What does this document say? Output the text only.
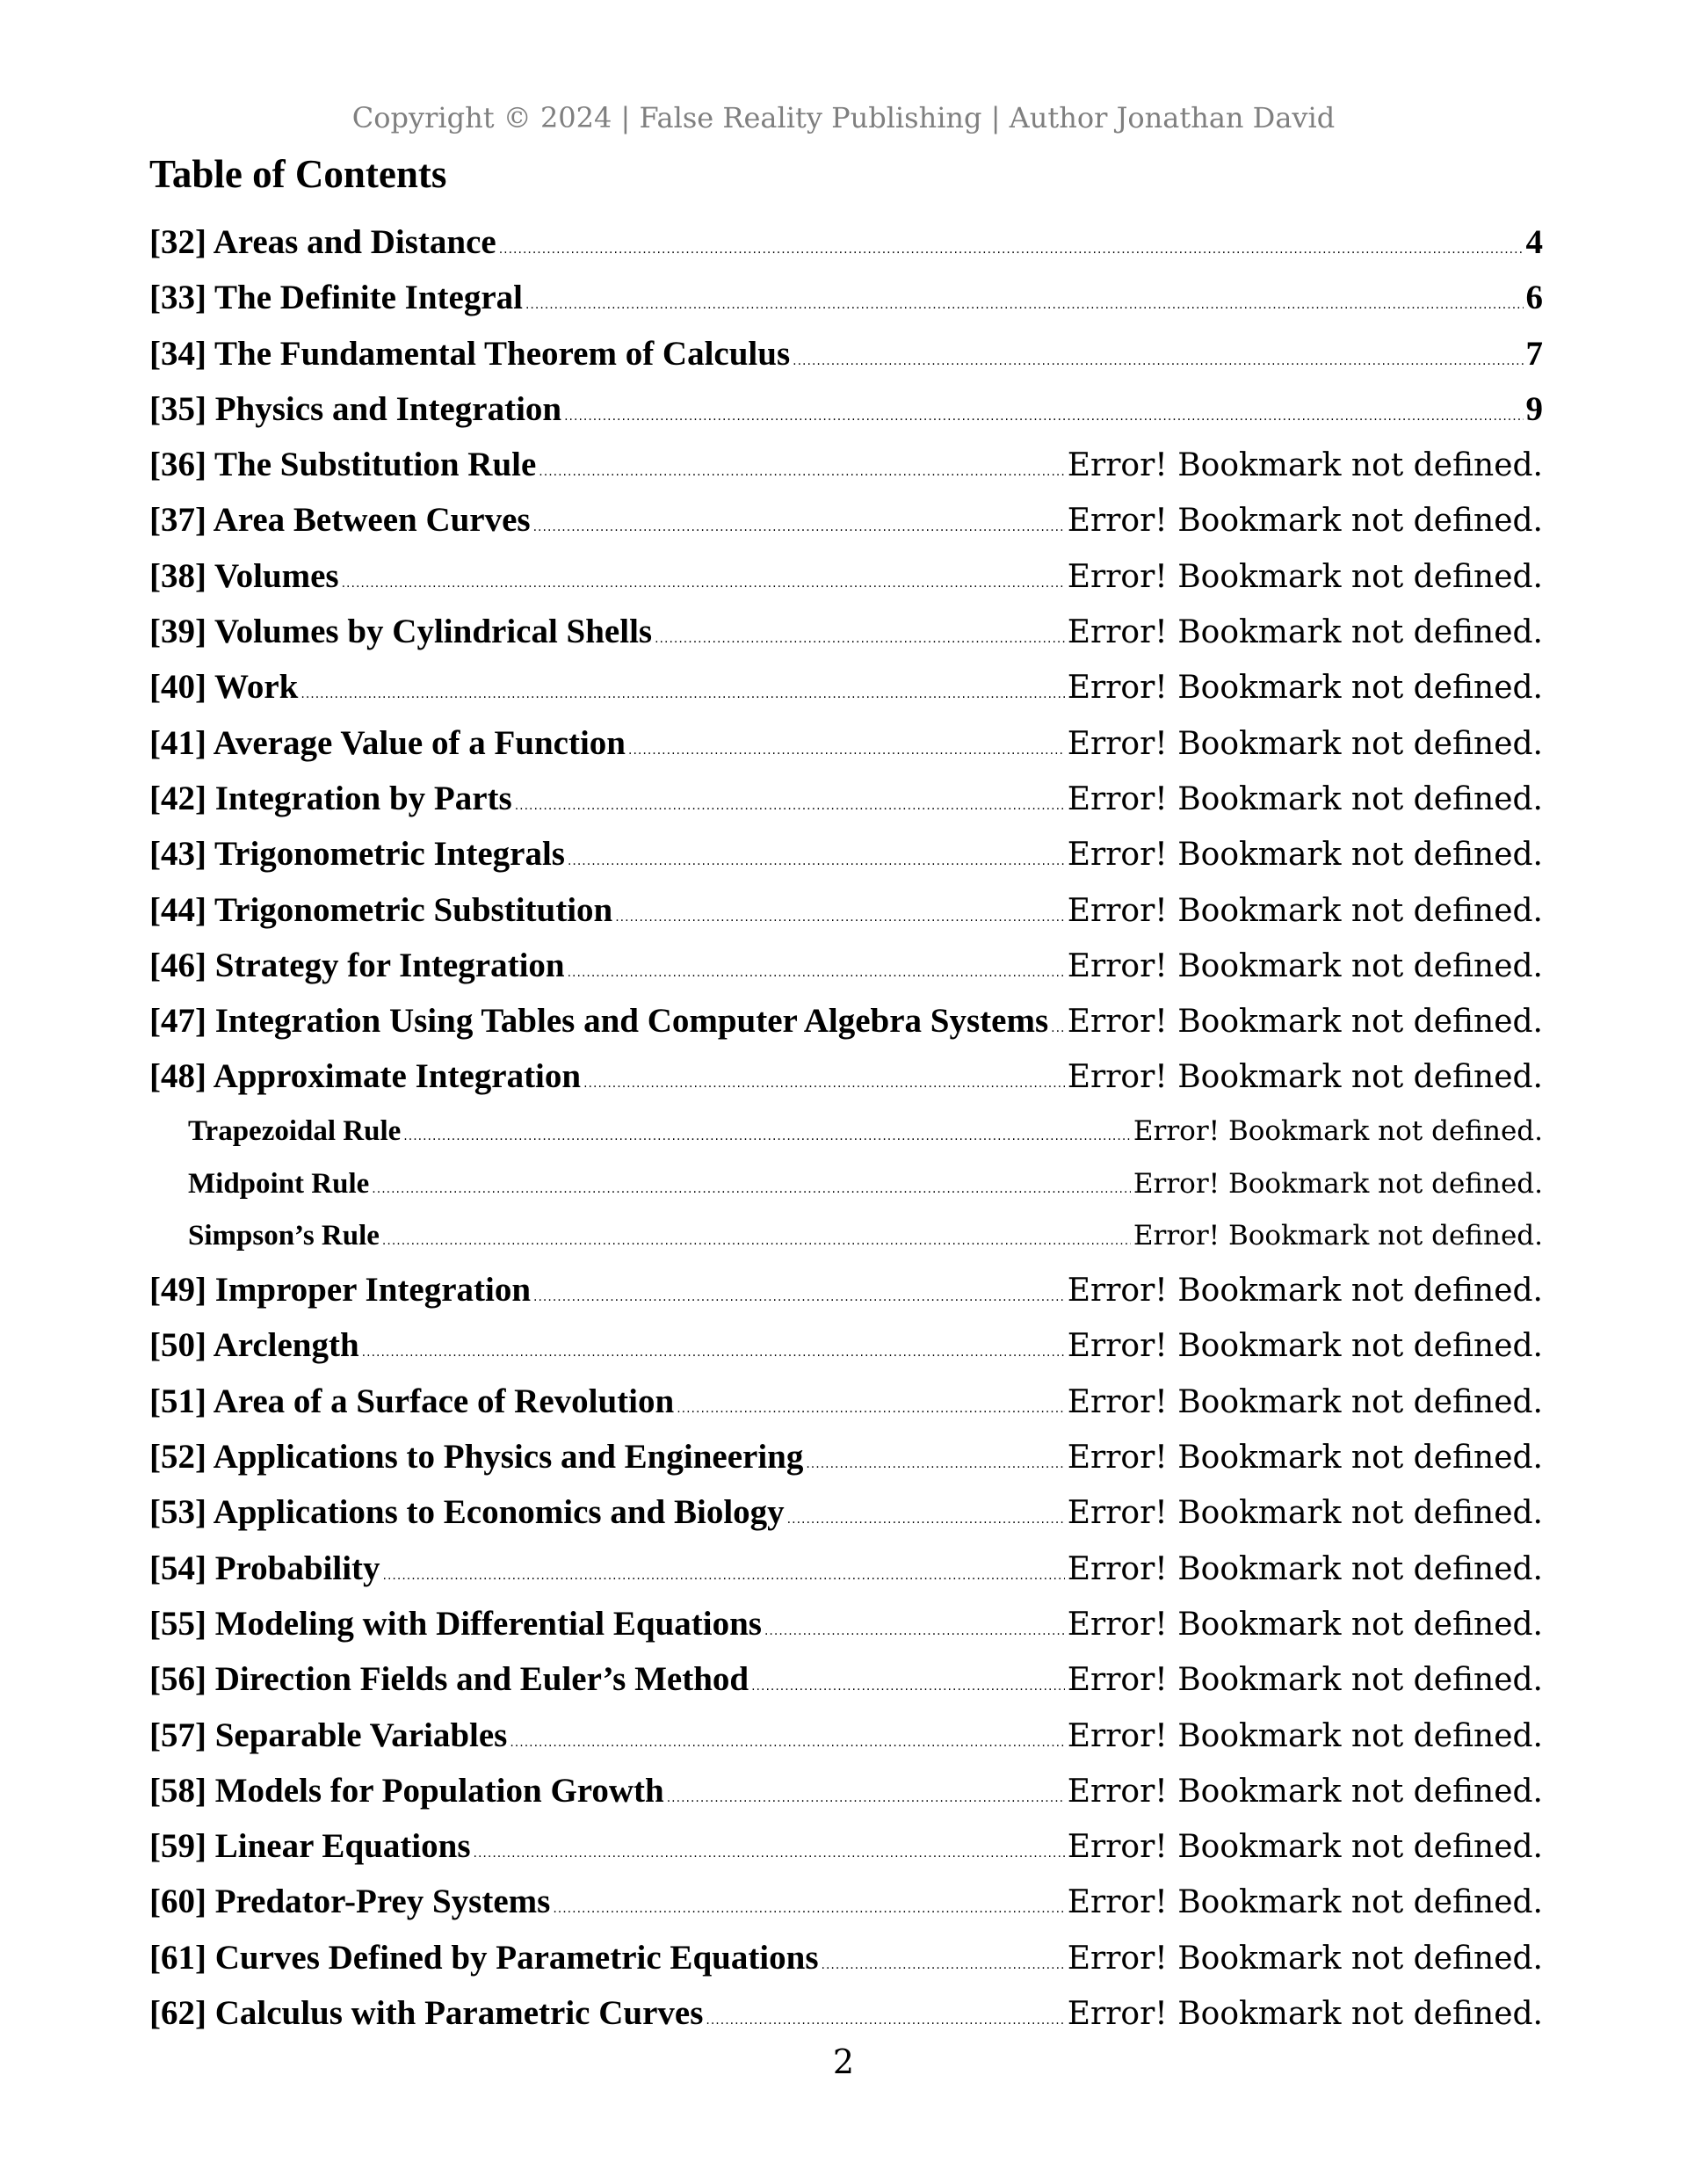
Copyright © 2024 | False Reality Publishing | Author Jonathan David
Table of Contents
[32] Areas and Distance .....	4
[33] The Definite Integral .....	6
[34] The Fundamental Theorem of Calculus .....	7
[35] Physics and Integration .....	9
[36] The Substitution Rule .....	Error! Bookmark not defined.
[37] Area Between Curves .....	Error! Bookmark not defined.
[38] Volumes .....	Error! Bookmark not defined.
[39] Volumes by Cylindrical Shells .....	Error! Bookmark not defined.
[40] Work .....	Error! Bookmark not defined.
[41] Average Value of a Function .....	Error! Bookmark not defined.
[42] Integration by Parts .....	Error! Bookmark not defined.
[43] Trigonometric Integrals .....	Error! Bookmark not defined.
[44] Trigonometric Substitution .....	Error! Bookmark not defined.
[46] Strategy for Integration .....	Error! Bookmark not defined.
[47] Integration Using Tables and Computer Algebra Systems ..... Error! Bookmark not defined.
[48] Approximate Integration .....	Error! Bookmark not defined.
Trapezoidal Rule .....	Error! Bookmark not defined.
Midpoint Rule .....	Error! Bookmark not defined.
Simpson’s Rule .....	Error! Bookmark not defined.
[49] Improper Integration .....	Error! Bookmark not defined.
[50] Arclength .....	Error! Bookmark not defined.
[51] Area of a Surface of Revolution .....	Error! Bookmark not defined.
[52] Applications to Physics and Engineering .....	Error! Bookmark not defined.
[53] Applications to Economics and Biology .....	Error! Bookmark not defined.
[54] Probability .....	Error! Bookmark not defined.
[55] Modeling with Differential Equations .....	Error! Bookmark not defined.
[56] Direction Fields and Euler’s Method .....	Error! Bookmark not defined.
[57] Separable Variables .....	Error! Bookmark not defined.
[58] Models for Population Growth .....	Error! Bookmark not defined.
[59] Linear Equations .....	Error! Bookmark not defined.
[60] Predator-Prey Systems .....	Error! Bookmark not defined.
[61] Curves Defined by Parametric Equations .....	Error! Bookmark not defined.
[62] Calculus with Parametric Curves .....	Error! Bookmark not defined.
2
